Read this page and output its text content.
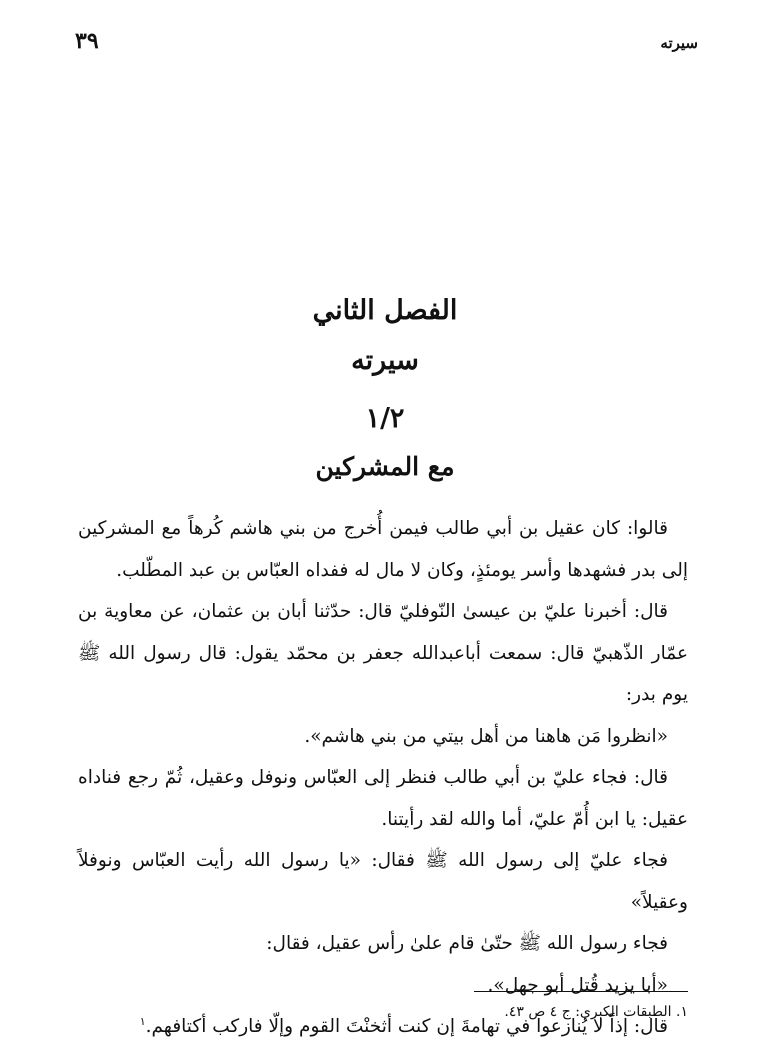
٣٩	سيرته
الفصل الثاني
سيرته
١/٢
مع المشركين

قالوا: كان عقيل بن أبي طالب فيمن أُخرج من بني هاشم كُرهاً مع المشركين إلى بدر فشهدها وأسر يومئذٍ، وكان لا مال له ففداه العبّاس بن عبد المطّلب.

قال: أخبرنا عليّ بن عيسىٰ النّوفليّ قال: حدّثنا أبان بن عثمان، عن معاوية بن عمّار الذّهبيّ قال: سمعت أباعبدالله جعفر بن محمّد يقول: قال رسول الله ﷺ يوم بدر:

«انظروا مَن هاهنا من أهل بيتي من بني هاشم».

قال: فجاء عليّ بن أبي طالب فنظر إلى العبّاس ونوفل وعقيل، ثُمّ رجع فناداه عقيل: يا ابن أُمّ عليّ، أما والله لقد رأيتنا.

فجاء عليّ إلى رسول الله ﷺ فقال: «يا رسول الله رأيت العبّاس ونوفلاً وعقيلاً»

فجاء رسول الله ﷺ حتّىٰ قام علىٰ رأس عقيل، فقال:

«أبا يزيد قُتل أبو جهل».

قال: إذاً لا يُنازعوا في تهامةَ إن كنت أثخنْتَ القوم وإلّا فاركب أكتافهم.$^١$

١. الطبقات الكبرى: ج ٤ ص ٤٣.
